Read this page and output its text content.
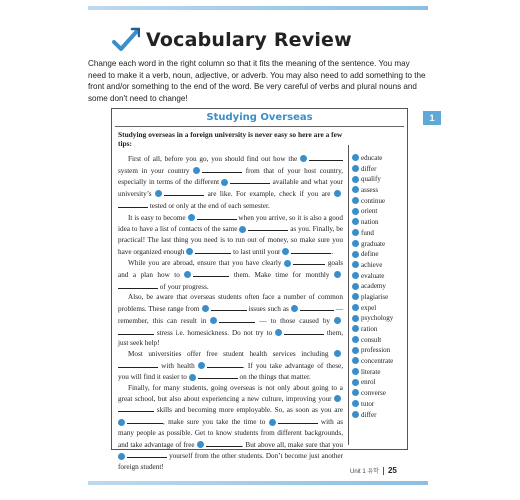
Vocabulary Review
Change each word in the right column so that it fits the meaning of the sentence. You may need to make it a verb, noun, adjective, or adverb. You may also need to add something to the front and/or something to the end of the word. Be very careful of verbs and plural nouns and some don't need to change!
Studying Overseas
Studying overseas in a foreign university is never easy so here are a few tips:

First of all, before you go, you should find out how the  system in your country	from that of your host country, especially in terms of the different	available and what your university’s	are like. For example, check if you are  tested or only at the end of each semester.

It is easy to become	when you arrive, so it is also a good idea to have a list of contacts of the same	as you. Finally, be practical! The last thing you need is to run out of money, so make sure you have organized enough	to last until your	.

While you are abroad, ensure that you have clearly	goals and a plan how to	them. Make time for monthly  of your progress.

Also, be aware that overseas students often face a number of common problems. These range from	issues such as	— remember, this can result in	— to those caused by  stress i.e. homesickness. Do not try to	them, just seek help!

Most universities offer free student health services including  with health	. If you take advantage of these, you will find it easier to	on the things that matter.

Finally, for many students, going overseas is not only about going to a great school, but also about experiencing a new culture, improving your  skills and becoming more employable. So, as soon as you are , make sure you take the time to	with as many people as possible. Get to know students from different backgrounds, and take advantage of free	. But above all, make sure that you  yourself from the other students. Don’t become just another foreign student!

educate
differ
qualify
assess
continue
orient
nation
fund
graduate
define
achieve
evaluate
academy
plagiarise
expel
psychology
ration
consult
profession
concentrate
literate
enrol
converse
tutor
differ
1
Unit 1 유학 25
